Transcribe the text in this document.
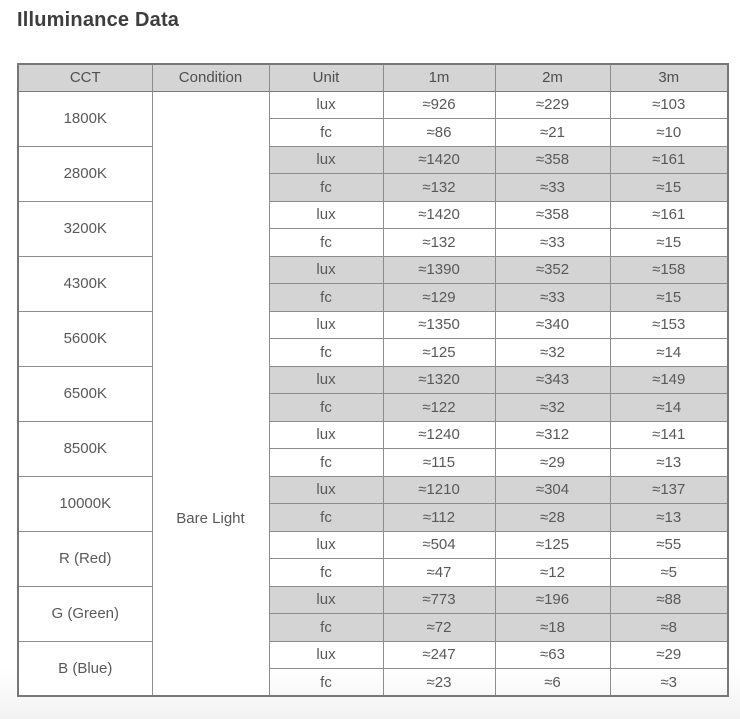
Illuminance Data
CCT	Condition	Unit	1m	2m	3m
1800K	Bare Light	lux	≈926	≈229	≈103
		fc	≈86	≈21	≈10
2800K		lux	≈1420	≈358	≈161
		fc	≈132	≈33	≈15
3200K		lux	≈1420	≈358	≈161
		fc	≈132	≈33	≈15
4300K		lux	≈1390	≈352	≈158
		fc	≈129	≈33	≈15
5600K		lux	≈1350	≈340	≈153
		fc	≈125	≈32	≈14
6500K		lux	≈1320	≈343	≈149
		fc	≈122	≈32	≈14
8500K		lux	≈1240	≈312	≈141
		fc	≈115	≈29	≈13
10000K		lux	≈1210	≈304	≈137
		fc	≈112	≈28	≈13
R (Red)		lux	≈504	≈125	≈55
		fc	≈47	≈12	≈5
G (Green)		lux	≈773	≈196	≈88
		fc	≈72	≈18	≈8
B (Blue)		lux	≈247	≈63	≈29
		fc	≈23	≈6	≈3
